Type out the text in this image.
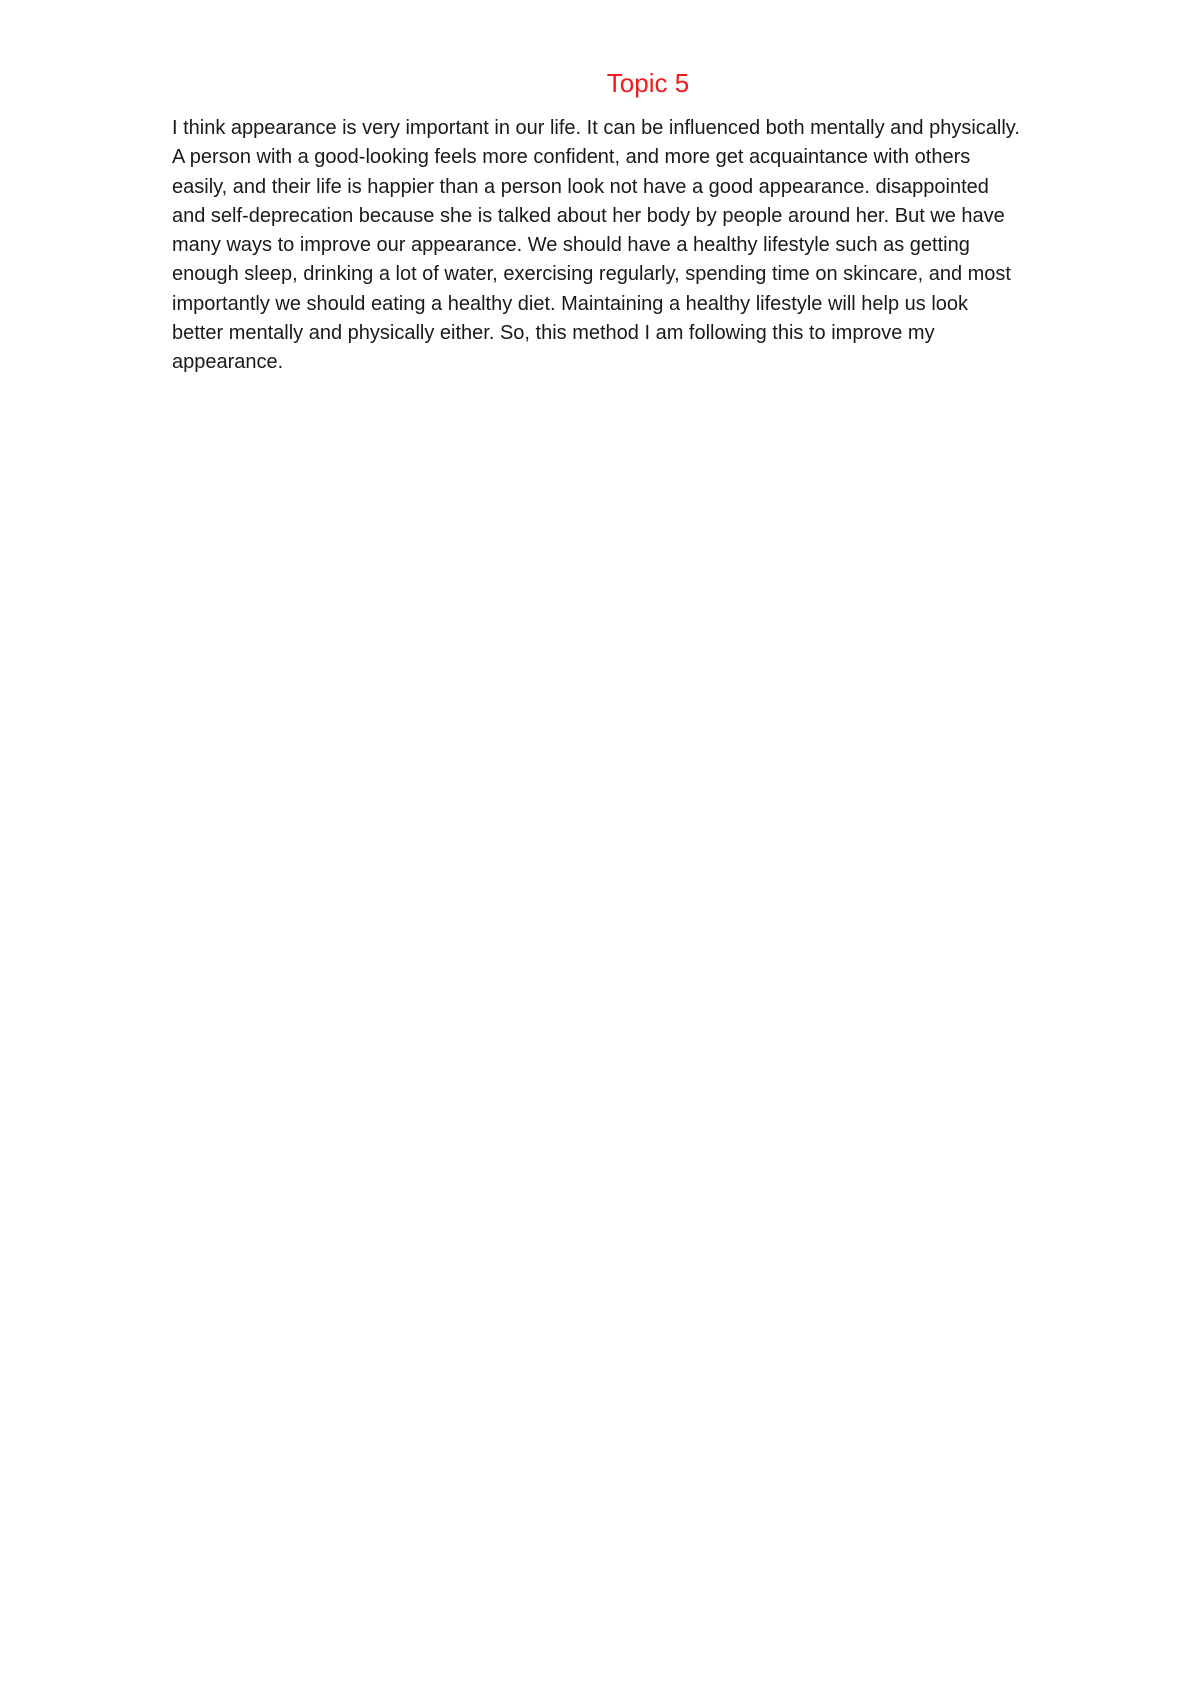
Topic 5
I think appearance is very important in our life. It can be influenced both mentally and physically.
A person with a good-looking feels more confident, and more get acquaintance with others
easily, and their life is happier than a person look not have a good appearance. disappointed
and self-deprecation because she is talked about her body by people around her. But we have
many ways to improve our appearance. We should have a healthy lifestyle such as getting
enough sleep, drinking a lot of water, exercising regularly, spending time on skincare, and most
importantly we should eating a healthy diet. Maintaining a healthy lifestyle will help us look
better mentally and physically either. So, this method I am following this to improve my
appearance.
